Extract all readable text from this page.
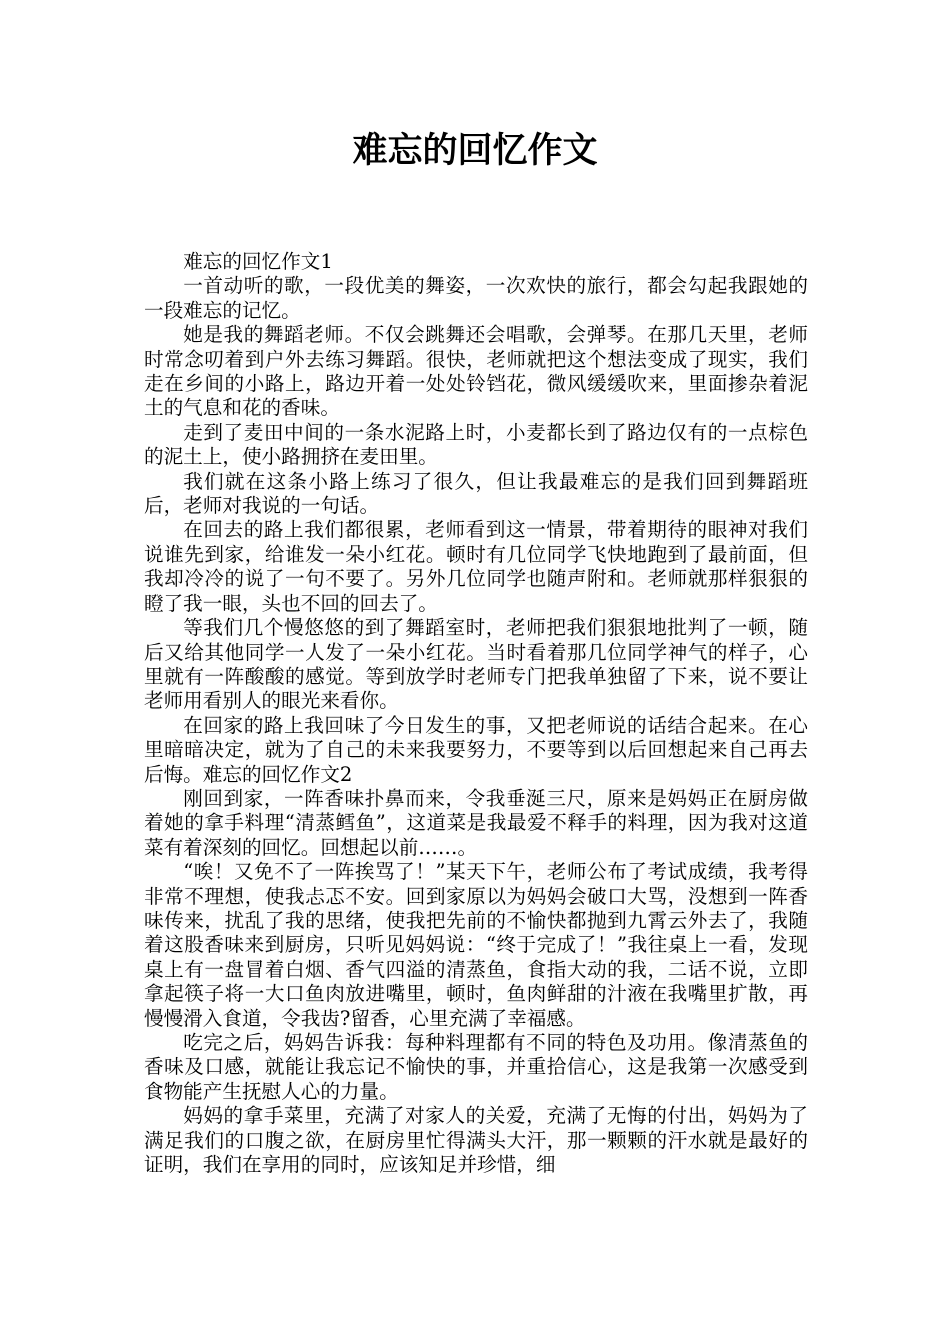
难忘的回忆作文

难忘的回忆作文1

一首动听的歌，一段优美的舞姿，一次欢快的旅行，都会勾起我跟她的一段难忘的记忆。

她是我的舞蹈老师。不仅会跳舞还会唱歌，会弹琴。在那几天里，老师时常念叨着到户外去练习舞蹈。很快，老师就把这个想法变成了现实，我们走在乡间的小路上，路边开着一处处铃铛花，微风缓缓吹来，里面掺杂着泥土的气息和花的香味。

走到了麦田中间的一条水泥路上时，小麦都长到了路边仅有的一点棕色的泥土上，使小路拥挤在麦田里。

我们就在这条小路上练习了很久，但让我最难忘的是我们回到舞蹈班后，老师对我说的一句话。

在回去的路上我们都很累，老师看到这一情景，带着期待的眼神对我们说谁先到家，给谁发一朵小红花。顿时有几位同学飞快地跑到了最前面，但我却冷冷的说了一句不要了。另外几位同学也随声附和。老师就那样狠狠的瞪了我一眼，头也不回的回去了。

等我们几个慢悠悠的到了舞蹈室时，老师把我们狠狠地批判了一顿，随后又给其他同学一人发了一朵小红花。当时看着那几位同学神气的样子，心里就有一阵酸酸的感觉。等到放学时老师专门把我单独留了下来，说不要让老师用看别人的眼光来看你。

在回家的路上我回味了今日发生的事，又把老师说的话结合起来。在心里暗暗决定，就为了自己的未来我要努力，不要等到以后回想起来自己再去后悔。难忘的回忆作文2

刚回到家，一阵香味扑鼻而来，令我垂涎三尺，原来是妈妈正在厨房做着她的拿手料理“清蒸鳕鱼”，这道菜是我最爱不释手的料理，因为我对这道菜有着深刻的回忆。回想起以前……。

“唉！又免不了一阵挨骂了！”某天下午，老师公布了考试成绩，我考得非常不理想，使我忐忑不安。回到家原以为妈妈会破口大骂，没想到一阵香味传来，扰乱了我的思绪，使我把先前的不愉快都抛到九霄云外去了，我随着这股香味来到厨房，只听见妈妈说：“终于完成了！”我往桌上一看，发现桌上有一盘冒着白烟、香气四溢的清蒸鱼，食指大动的我，二话不说，立即拿起筷子将一大口鱼肉放进嘴里，顿时，鱼肉鲜甜的汁液在我嘴里扩散，再慢慢滑入食道，令我齿?留香，心里充满了幸福感。

吃完之后，妈妈告诉我：每种料理都有不同的特色及功用。像清蒸鱼的香味及口感，就能让我忘记不愉快的事，并重拾信心，这是我第一次感受到食物能产生抚慰人心的力量。

妈妈的拿手菜里，充满了对家人的关爱，充满了无悔的付出，妈妈为了满足我们的口腹之欲，在厨房里忙得满头大汗，那一颗颗的汗水就是最好的证明，我们在享用的同时，应该知足并珍惜，细
